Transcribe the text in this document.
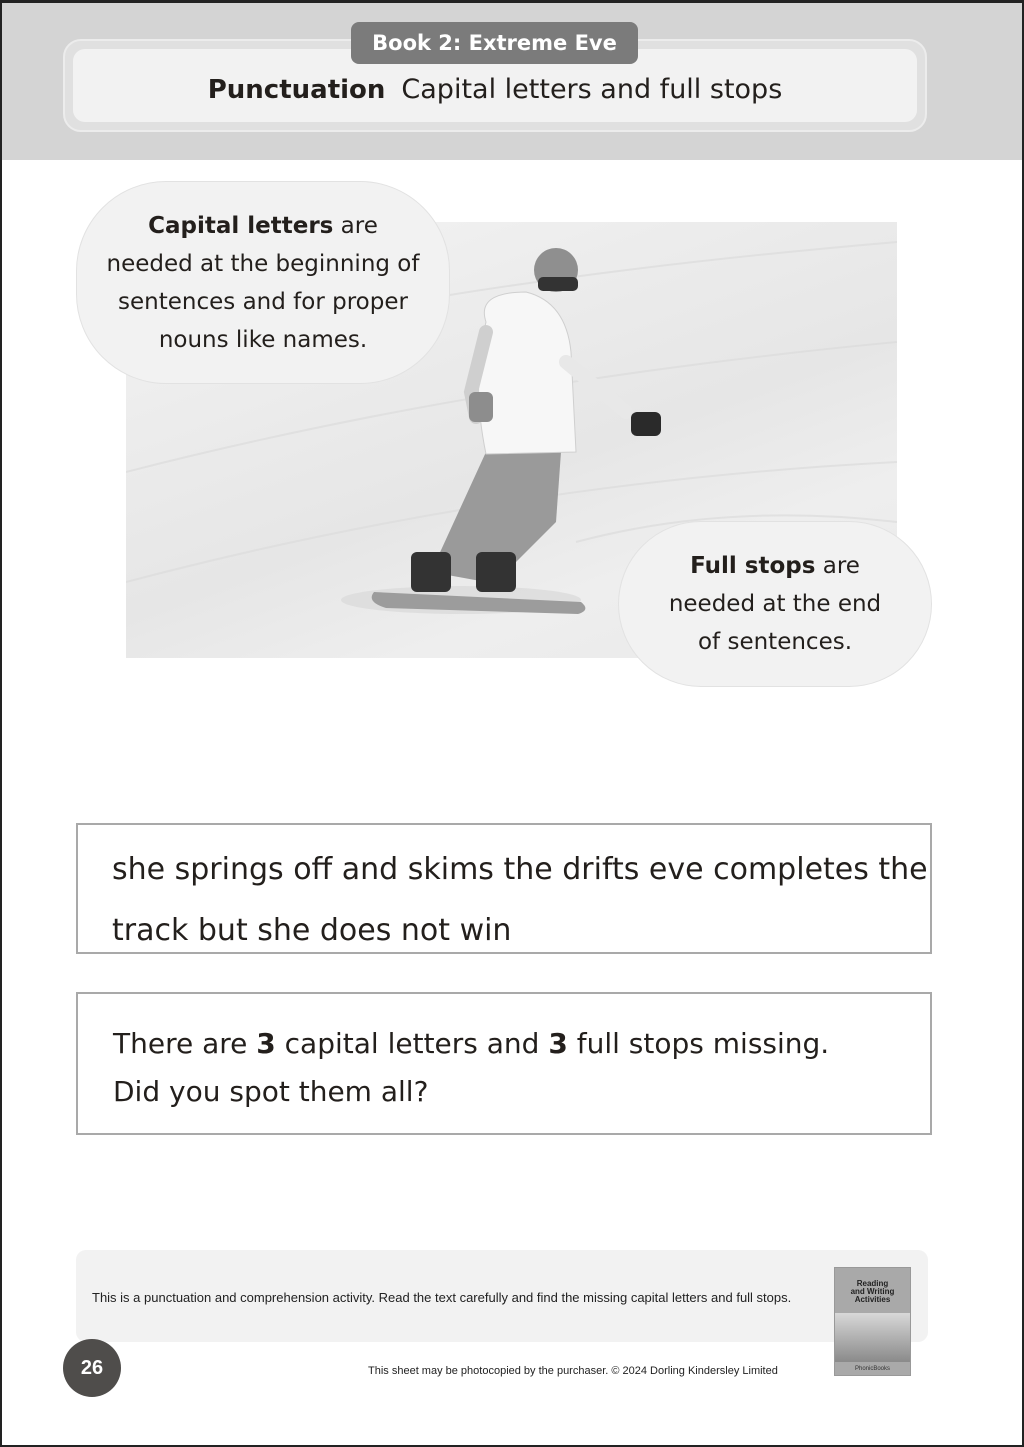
Punctuation Capital letters and full stops
Book 2: Extreme Eve
Capital letters are
needed at the beginning of
sentences and for proper
nouns like names.
Full stops are
needed at the end
of sentences.
she springs off and skims the drifts eve completes the
track but she does not win
There are 3 capital letters and 3 full stops missing.
Did you spot them all?
This is a punctuation and comprehension activity. Read the text carefully and find the missing capital letters and full stops.
Reading
and Writing
Activities
PhonicBooks
26	This sheet may be photocopied by the purchaser. © 2024 Dorling Kindersley Limited
